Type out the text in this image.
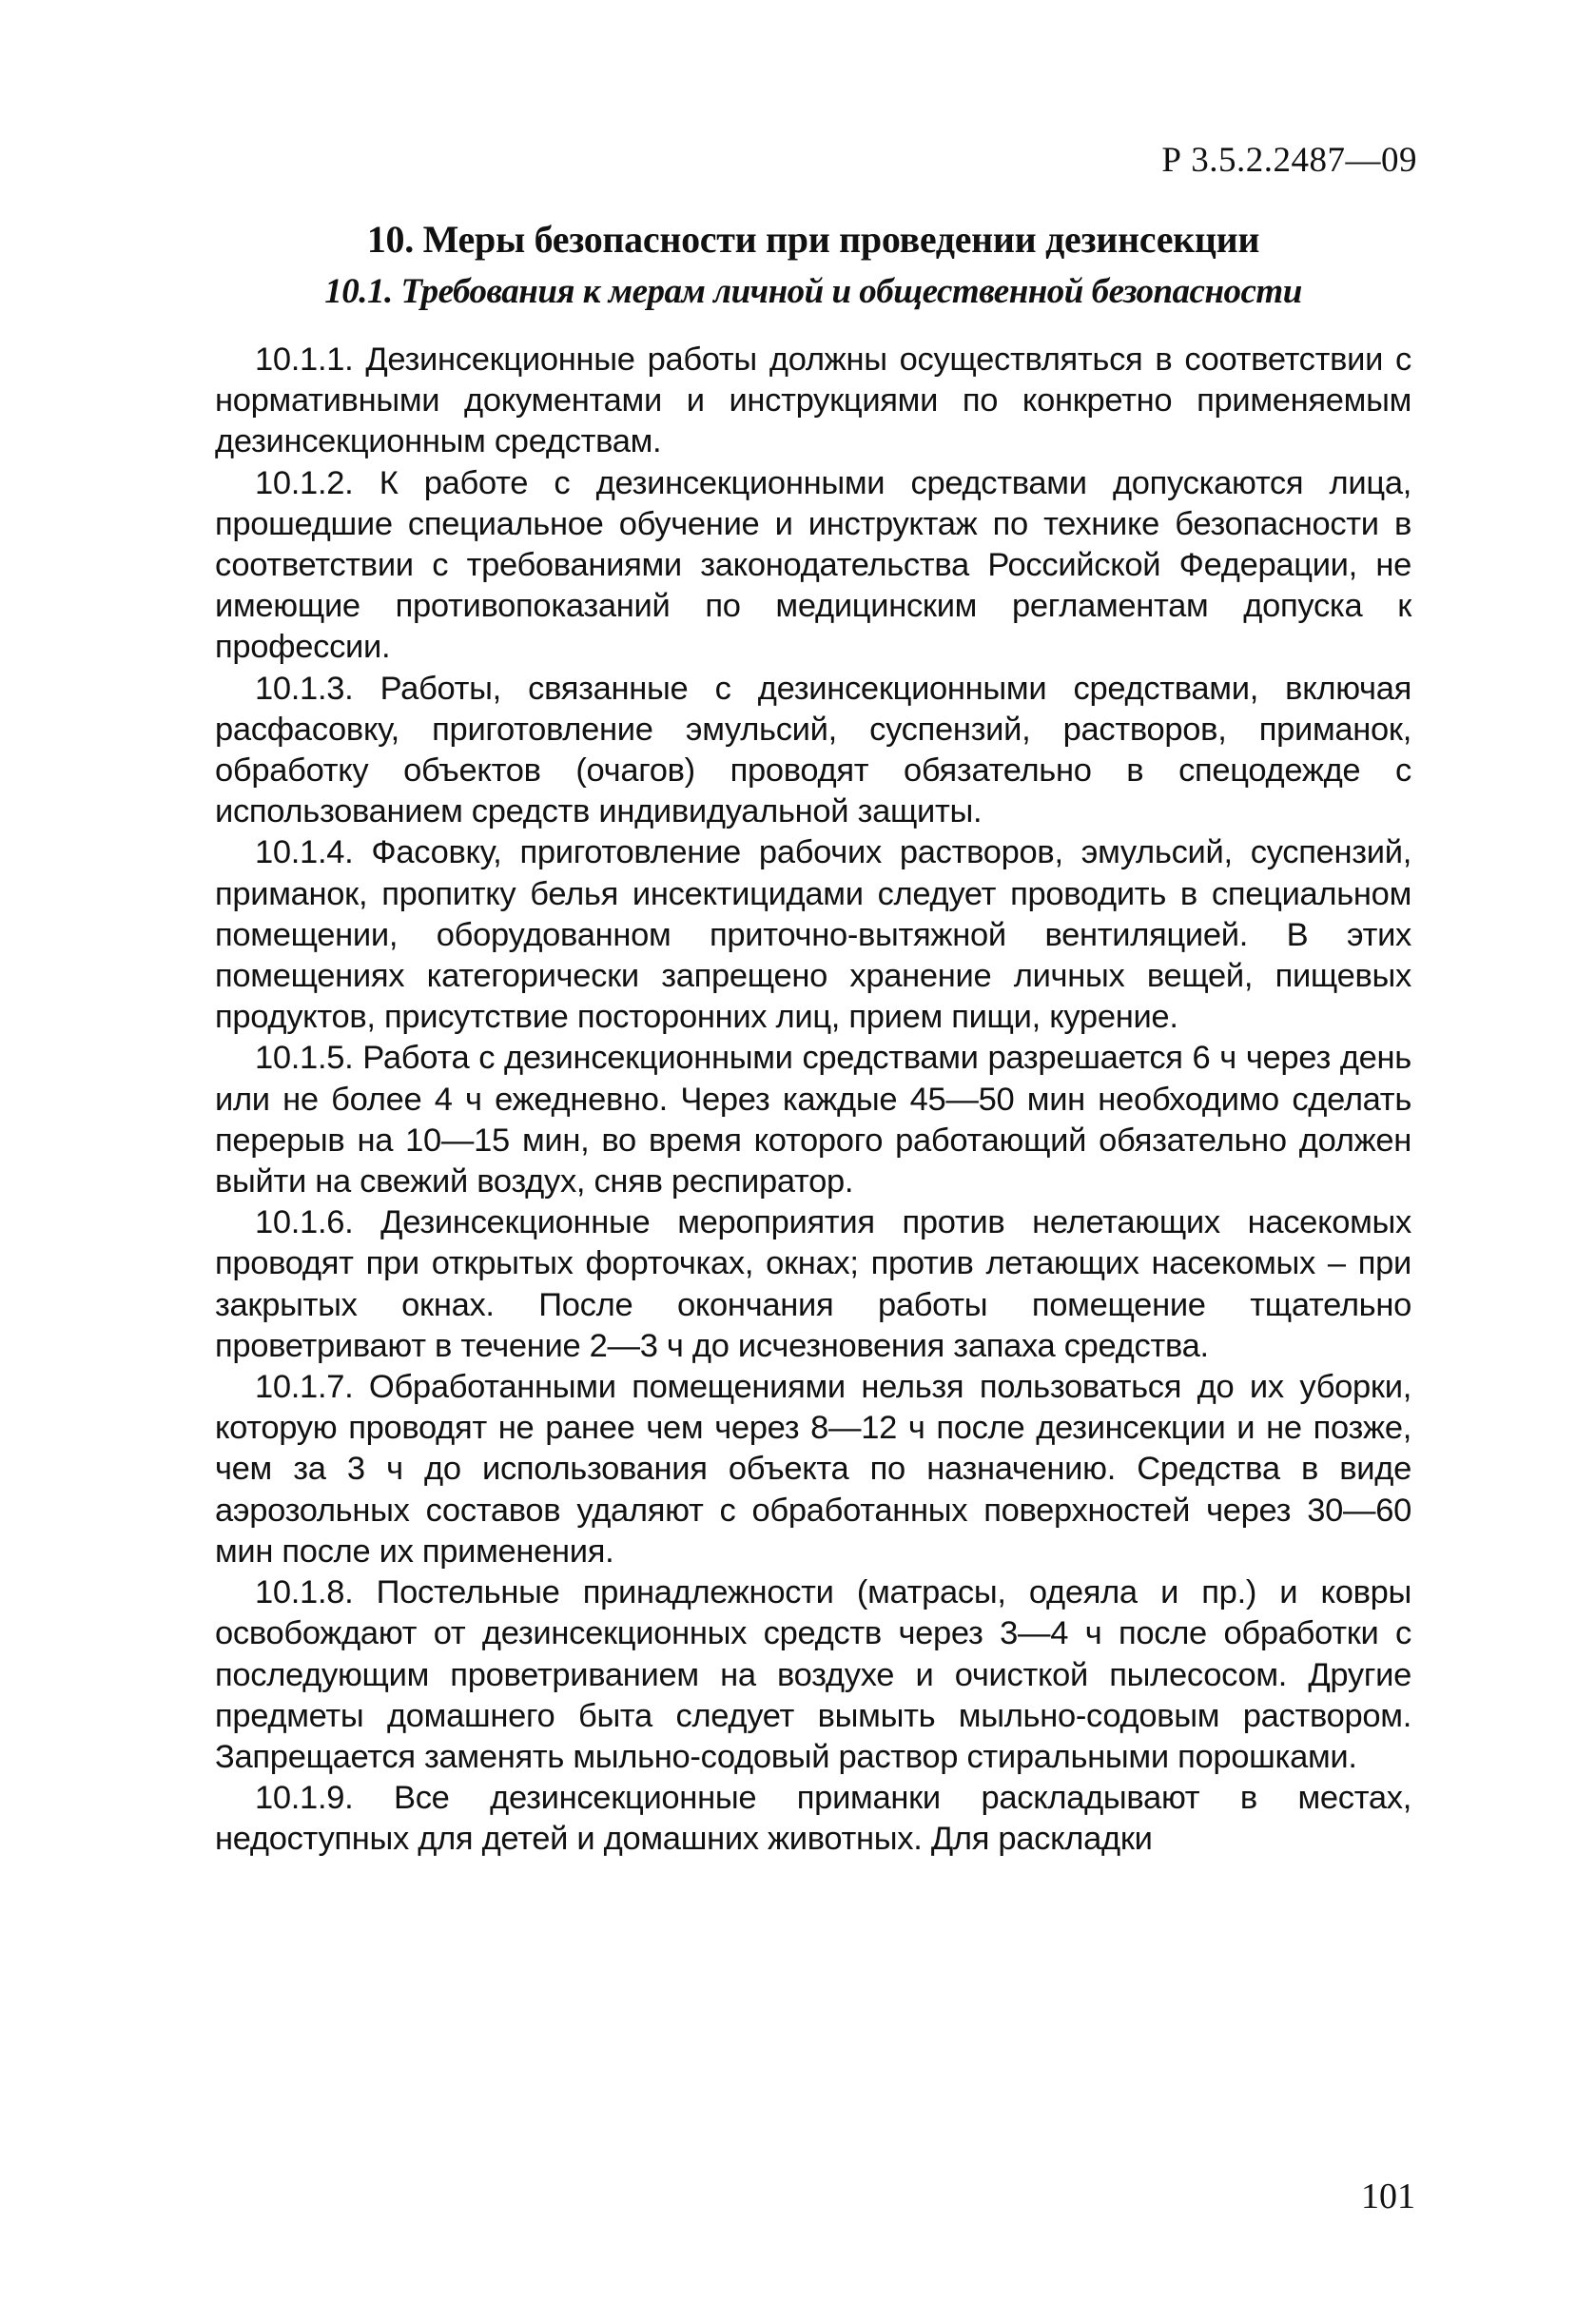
Р 3.5.2.2487—09
10. Меры безопасности при проведении дезинсекции
10.1. Требования к мерам личной и общественной безопасности

10.1.1. Дезинсекционные работы должны осуществляться в соответствии с нормативными документами и инструкциями по конкретно применяемым дезинсекционным средствам.

10.1.2. К работе с дезинсекционными средствами допускаются лица, прошедшие специальное обучение и инструктаж по технике безопасности в соответствии с требованиями законодательства Российской Федерации, не имеющие противопоказаний по медицинским регламентам допуска к профессии.

10.1.3. Работы, связанные с дезинсекционными средствами, включая расфасовку, приготовление эмульсий, суспензий, растворов, приманок, обработку объектов (очагов) проводят обязательно в спецодежде с использованием средств индивидуальной защиты.

10.1.4. Фасовку, приготовление рабочих растворов, эмульсий, суспензий, приманок, пропитку белья инсектицидами следует проводить в специальном помещении, оборудованном приточно-вытяжной вентиляцией. В этих помещениях категорически запрещено хранение личных вещей, пищевых продуктов, присутствие посторонних лиц, прием пищи, курение.

10.1.5. Работа с дезинсекционными средствами разрешается 6 ч через день или не более 4 ч ежедневно. Через каждые 45—50 мин необходимо сделать перерыв на 10—15 мин, во время которого работающий обязательно должен выйти на свежий воздух, сняв респиратор.

10.1.6. Дезинсекционные мероприятия против нелетающих насекомых проводят при открытых форточках, окнах; против летающих насекомых – при закрытых окнах. После окончания работы помещение тщательно проветривают в течение 2—3 ч до исчезновения запаха средства.

10.1.7. Обработанными помещениями нельзя пользоваться до их уборки, которую проводят не ранее чем через 8—12 ч после дезинсекции и не позже, чем за 3 ч до использования объекта по назначению. Средства в виде аэрозольных составов удаляют с обработанных поверхностей через 30—60 мин после их применения.

10.1.8. Постельные принадлежности (матрасы, одеяла и пр.) и ковры освобождают от дезинсекционных средств через 3—4 ч после обработки с последующим проветриванием на воздухе и очисткой пылесосом. Другие предметы домашнего быта следует вымыть мыльно-содовым раствором. Запрещается заменять мыльно-содовый раствор стиральными порошками.

10.1.9. Все дезинсекционные приманки раскладывают в местах, недоступных для детей и домашних животных. Для раскладки

101
